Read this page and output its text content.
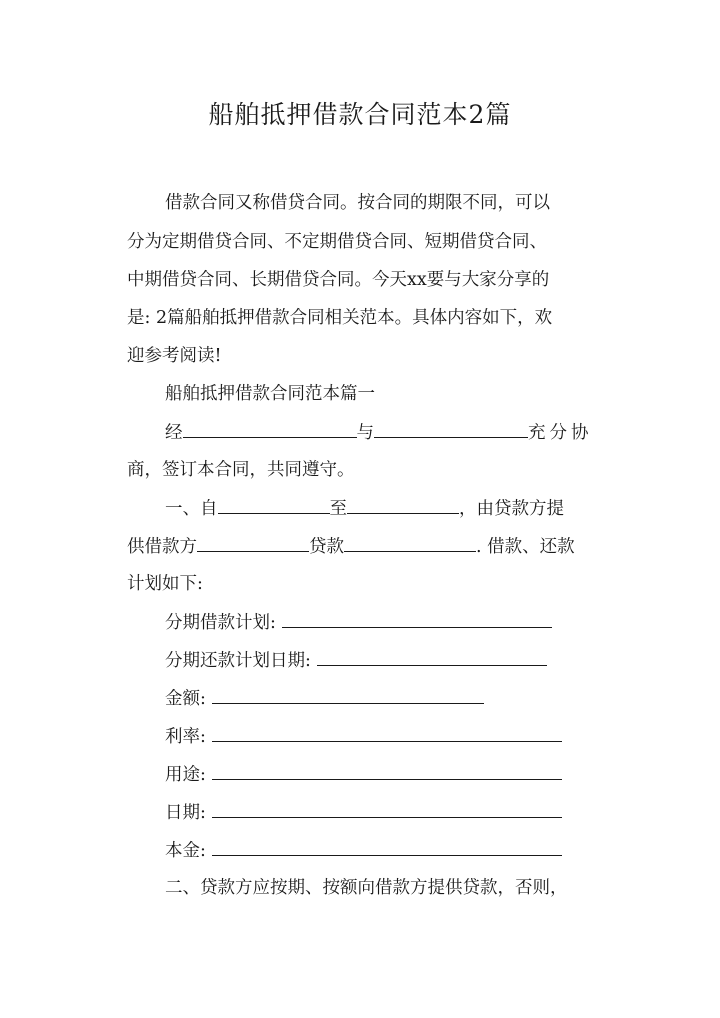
船舶抵押借款合同范本2篇
借款合同又称借贷合同。按合同的期限不同，可以
分为定期借贷合同、不定期借贷合同、短期借贷合同、
中期借贷合同、长期借贷合同。今天xx要与大家分享的
是: 2篇船舶抵押借款合同相关范本。具体内容如下，欢
迎参考阅读!
船舶抵押借款合同范本篇一
经	与	充分协
商，签订本合同，共同遵守。
一、自	至	，由贷款方提
供借款方	贷款	. 借款、还款
计划如下:
分期借款计划:
分期还款计划日期:
金额:
利率:
用途:
日期:
本金:
二、贷款方应按期、按额向借款方提供贷款，否则，
